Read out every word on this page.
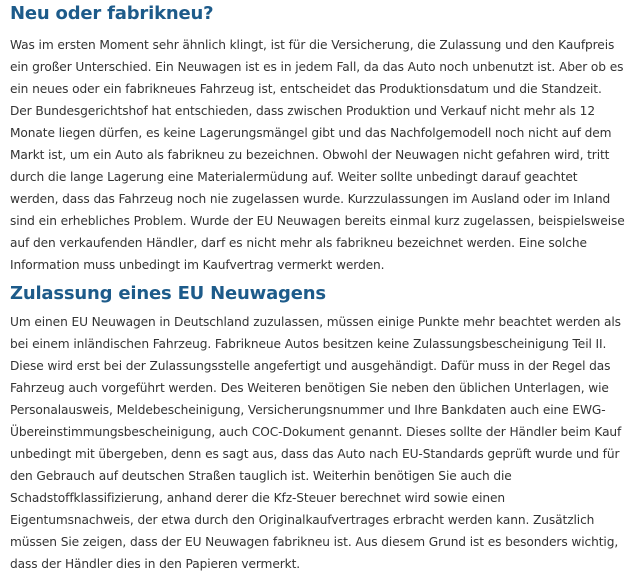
Neu oder fabrikneu?

Was im ersten Moment sehr ähnlich klingt, ist für die Versicherung, die Zulassung und den Kaufpreis
ein großer Unterschied. Ein Neuwagen ist es in jedem Fall, da das Auto noch unbenutzt ist. Aber ob es
ein neues oder ein fabrikneues Fahrzeug ist, entscheidet das Produktionsdatum und die Standzeit.
Der Bundesgerichtshof hat entschieden, dass zwischen Produktion und Verkauf nicht mehr als 12
Monate liegen dürfen, es keine Lagerungsmängel gibt und das Nachfolgemodell noch nicht auf dem
Markt ist, um ein Auto als fabrikneu zu bezeichnen. Obwohl der Neuwagen nicht gefahren wird, tritt
durch die lange Lagerung eine Materialermüdung auf. Weiter sollte unbedingt darauf geachtet
werden, dass das Fahrzeug noch nie zugelassen wurde. Kurzzulassungen im Ausland oder im Inland
sind ein erhebliches Problem. Wurde der EU Neuwagen bereits einmal kurz zugelassen, beispielsweise
auf den verkaufenden Händler, darf es nicht mehr als fabrikneu bezeichnet werden. Eine solche
Information muss unbedingt im Kaufvertrag vermerkt werden.

Zulassung eines EU Neuwagens

Um einen EU Neuwagen in Deutschland zuzulassen, müssen einige Punkte mehr beachtet werden als
bei einem inländischen Fahrzeug. Fabrikneue Autos besitzen keine Zulassungsbescheinigung Teil II.
Diese wird erst bei der Zulassungsstelle angefertigt und ausgehändigt. Dafür muss in der Regel das
Fahrzeug auch vorgeführt werden. Des Weiteren benötigen Sie neben den üblichen Unterlagen, wie
Personalausweis, Meldebescheinigung, Versicherungsnummer und Ihre Bankdaten auch eine EWG-
Übereinstimmungsbescheinigung, auch COC-Dokument genannt. Dieses sollte der Händler beim Kauf
unbedingt mit übergeben, denn es sagt aus, dass das Auto nach EU-Standards geprüft wurde und für
den Gebrauch auf deutschen Straßen tauglich ist. Weiterhin benötigen Sie auch die
Schadstoffklassifizierung, anhand derer die Kfz-Steuer berechnet wird sowie einen
Eigentumsnachweis, der etwa durch den Originalkaufvertrages erbracht werden kann. Zusätzlich
müssen Sie zeigen, dass der EU Neuwagen fabrikneu ist. Aus diesem Grund ist es besonders wichtig,
dass der Händler dies in den Papieren vermerkt.
